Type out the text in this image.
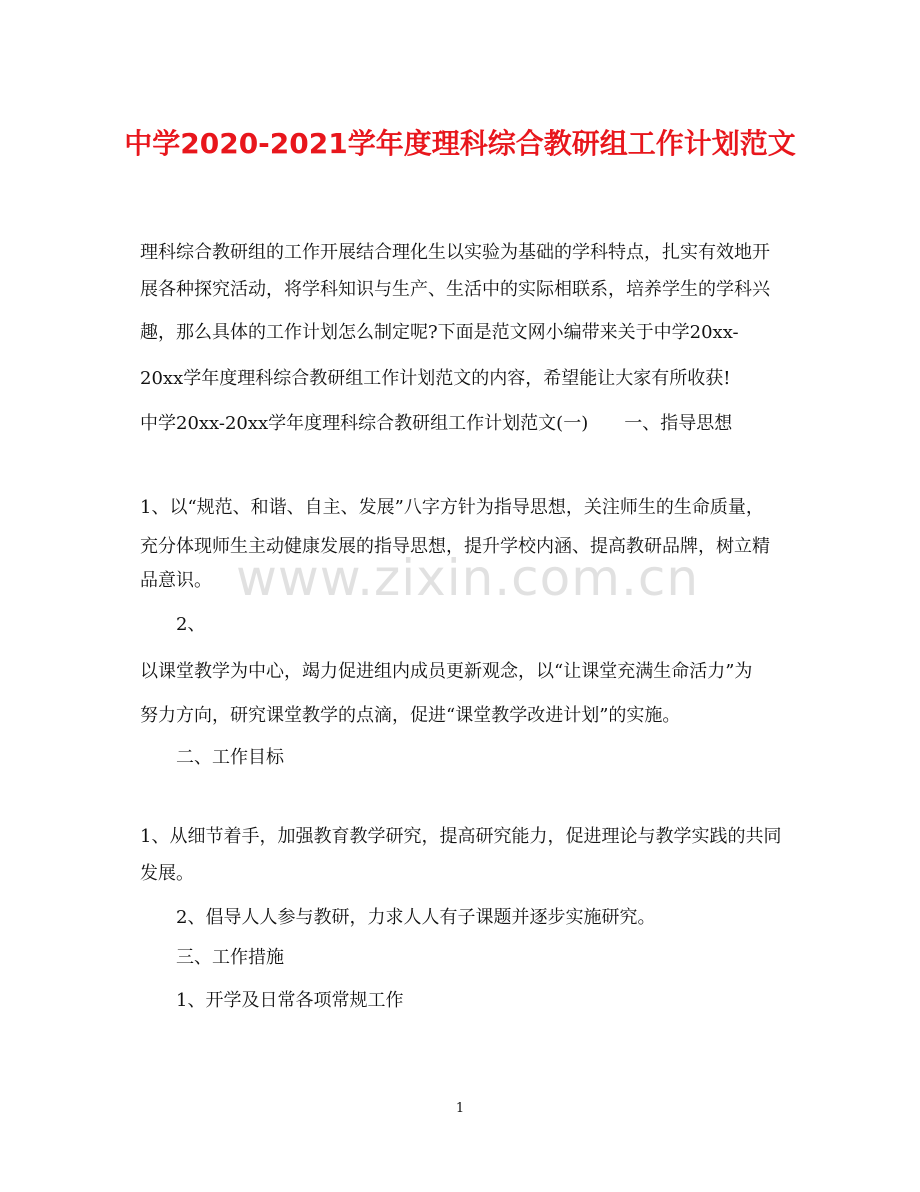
中学2020-2021学年度理科综合教研组工作计划范文
理科综合教研组的工作开展结合理化生以实验为基础的学科特点，扎实有效地开
展各种探究活动，将学科知识与生产、生活中的实际相联系，培养学生的学科兴
趣，那么具体的工作计划怎么制定呢?下面是范文网小编带来关于中学20xx-
20xx学年度理科综合教研组工作计划范文的内容，希望能让大家有所收获!
中学20xx-20xx学年度理科综合教研组工作计划范文(一)　　一、指导思想
1、以“规范、和谐、自主、发展”八字方针为指导思想，关注师生的生命质量，
充分体现师生主动健康发展的指导思想，提升学校内涵、提高教研品牌，树立精
品意识。
2、
以课堂教学为中心，竭力促进组内成员更新观念，以“让课堂充满生命活力”为
努力方向，研究课堂教学的点滴，促进“课堂教学改进计划”的实施。
二、工作目标
1、从细节着手，加强教育教学研究，提高研究能力，促进理论与教学实践的共同
发展。
2、倡导人人参与教研，力求人人有子课题并逐步实施研究。
三、工作措施
1、开学及日常各项常规工作
www.zixin.com.cn
1
